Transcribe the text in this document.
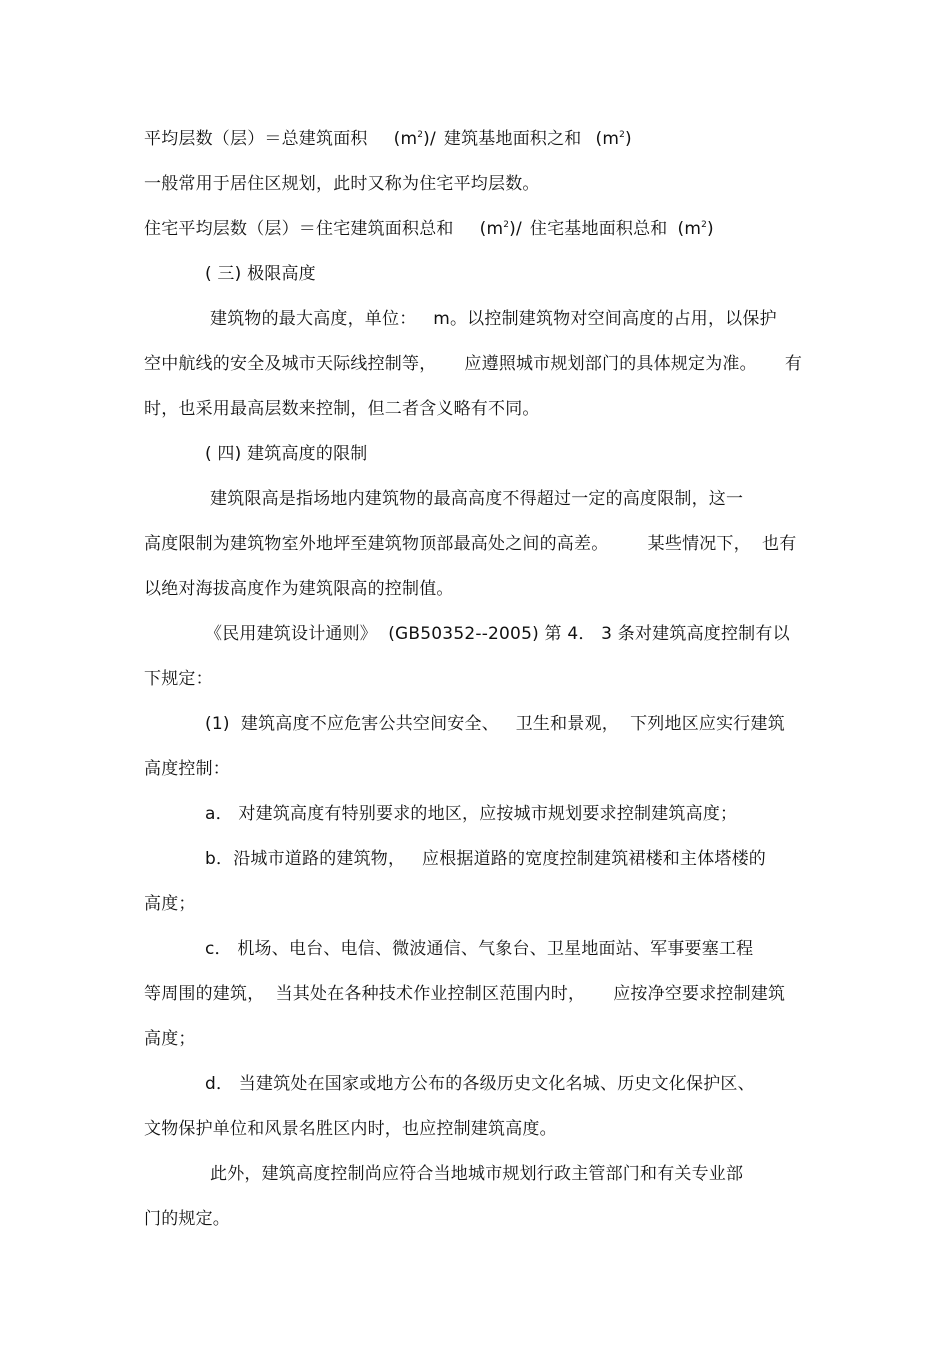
平均层数（层）＝总建筑面积 $(m^2)/$ 建筑基地面积之和 $(m^2)$
一般常用于居住区规划，此时又称为住宅平均层数。
住宅平均层数（层）＝住宅建筑面积总和 $(m^2)/$ 住宅基地面积总和 $(m^2)$
( 三) 极限高度
建筑物的最大高度，单位：   m。以控制建筑物对空间高度的占用，以保护
空中航线的安全及城市天际线控制等，     应遵照城市规划部门的具体规定为准。     有
时，也采用最高层数来控制，但二者含义略有不同。
( 四) 建筑高度的限制
建筑限高是指场地内建筑物的最高高度不得超过一定的高度限制，这一
高度限制为建筑物室外地坪至建筑物顶部最高处之间的高差。       某些情况下，  也有
以绝对海拔高度作为建筑限高的控制值。
《民用建筑设计通则》  (GB50352--2005) 第 4． 3 条对建筑高度控制有以
下规定：
(1)  建筑高度不应危害公共空间安全、   卫生和景观，  下列地区应实行建筑
高度控制：
a． 对建筑高度有特别要求的地区，应按城市规划要求控制建筑高度；
b．沿城市道路的建筑物，   应根据道路的宽度控制建筑裙楼和主体塔楼的
高度；
c． 机场、电台、电信、微波通信、气象台、卫星地面站、军事要塞工程
等周围的建筑，  当其处在各种技术作业控制区范围内时，     应按净空要求控制建筑
高度；
d． 当建筑处在国家或地方公布的各级历史文化名城、历史文化保护区、
文物保护单位和风景名胜区内时，也应控制建筑高度。
此外，建筑高度控制尚应符合当地城市规划行政主管部门和有关专业部
门的规定。
